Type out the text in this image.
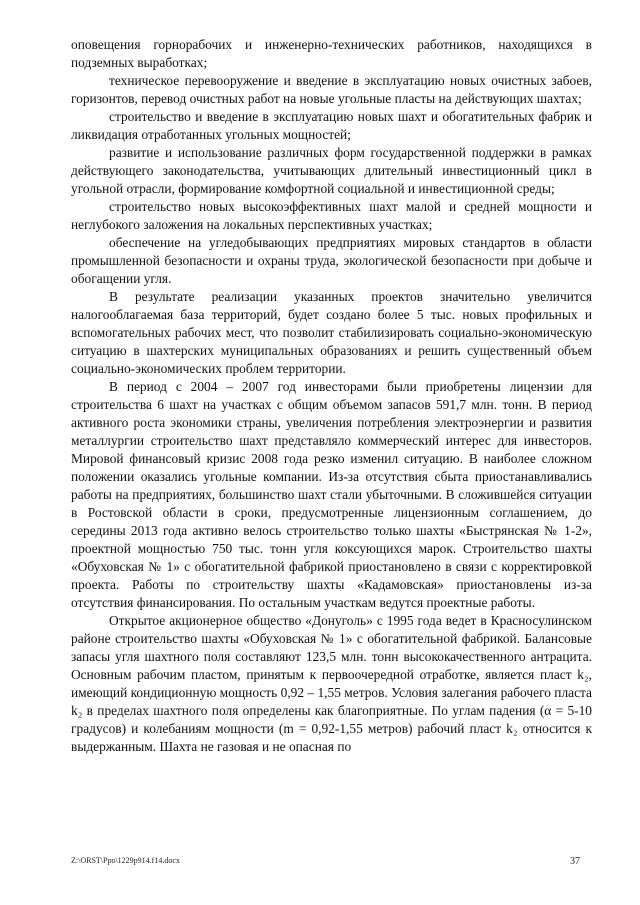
оповещения горнорабочих и инженерно-технических работников, находящихся в подземных выработках;

техническое перевооружение и введение в эксплуатацию новых очистных забоев, горизонтов, перевод очистных работ на новые угольные пласты на действующих шахтах;

строительство и введение в эксплуатацию новых шахт и обогатительных фабрик и ликвидация отработанных угольных мощностей;

развитие и использование различных форм государственной поддержки в рамках действующего законодательства, учитывающих длительный инвестиционный цикл в угольной отрасли, формирование комфортной социальной и инвестиционной среды;

строительство новых высокоэффективных шахт малой и средней мощности и неглубокого заложения на локальных перспективных участках;

обеспечение на угледобывающих предприятиях мировых стандартов в области промышленной безопасности и охраны труда, экологической безопасности при добыче и обогащении угля.

В результате реализации указанных проектов значительно увеличится налогооблагаемая база территорий, будет создано более 5 тыс. новых профильных и вспомогательных рабочих мест, что позволит стабилизировать социально-экономическую ситуацию в шахтерских муниципальных образованиях и решить существенный объем социально-экономических проблем территории.

В период с 2004 – 2007 год инвесторами были приобретены лицензии для строительства 6 шахт на участках с общим объемом запасов 591,7 млн. тонн. В период активного роста экономики страны, увеличения потребления электроэнергии и развития металлургии строительство шахт представляло коммерческий интерес для инвесторов. Мировой финансовый кризис 2008 года резко изменил ситуацию. В наиболее сложном положении оказались угольные компании. Из-за отсутствия сбыта приостанавливались работы на предприятиях, большинство шахт стали убыточными. В сложившейся ситуации в Ростовской области в сроки, предусмотренные лицензионным соглашением, до середины 2013 года активно велось строительство только шахты «Быстрянская № 1-2», проектной мощностью 750 тыс. тонн угля коксующихся марок. Строительство шахты «Обуховская № 1» с обогатительной фабрикой приостановлено в связи с корректировкой проекта. Работы по строительству шахты «Кадамовская» приостановлены из-за отсутствия финансирования. По остальным участкам ведутся проектные работы.

Открытое акционерное общество «Донуголь» с 1995 года ведет в Красносулинском районе строительство шахты «Обуховская № 1» с обогатительной фабрикой. Балансовые запасы угля шахтного поля составляют 123,5 млн. тонн высококачественного антрацита. Основным рабочим пластом, принятым к первоочередной отработке, является пласт k₂, имеющий кондиционную мощность 0,92 – 1,55 метров. Условия залегания рабочего пласта k₂ в пределах шахтного поля определены как благоприятные. По углам падения (α = 5-10 градусов) и колебаниям мощности (m = 0,92-1,55 метров) рабочий пласт k₂ относится к выдержанным. Шахта не газовая и не опасная по

Z:\ORST\Ppo\1229p914.f14.docx	37
